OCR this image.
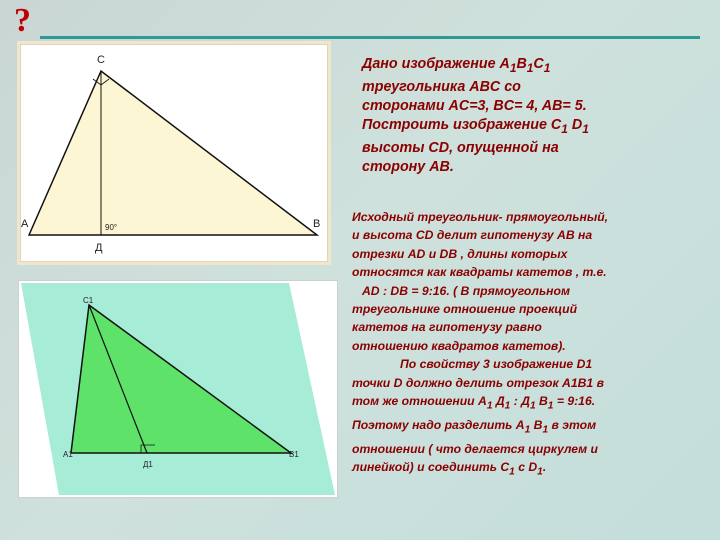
?
90°
С
А	В
Д
С1
А1	В1
Д1
Дано изображение $A_1B_1C_1$
треугольника ABC со
сторонами AC=3, BC= 4, AB= 5.
Построить изображение $C_1$ $D_1$
высоты CD, опущенной на
сторону AB.

Исходный треугольник- прямоугольный,

и высота CD делит гипотенузу AB на

отрезки AD и DB , длины которых

относятся как квадраты катетов , т.е.

AD : DB = 9:16. ( В прямоугольном

треугольнике отношение проекций

катетов на гипотенузу равно

отношению квадратов катетов).

По свойству 3 изображение D1

точки D должно делить отрезок A1B1 в

том же отношении $A_1$ $Д_1$ : $Д_1$ $B_1$ = 9:16.

Поэтому надо разделить $A_1$ $B_1$ в этом

отношении ( что делается циркулем и

линейкой) и соединить $C_1$ с $D_1$.
